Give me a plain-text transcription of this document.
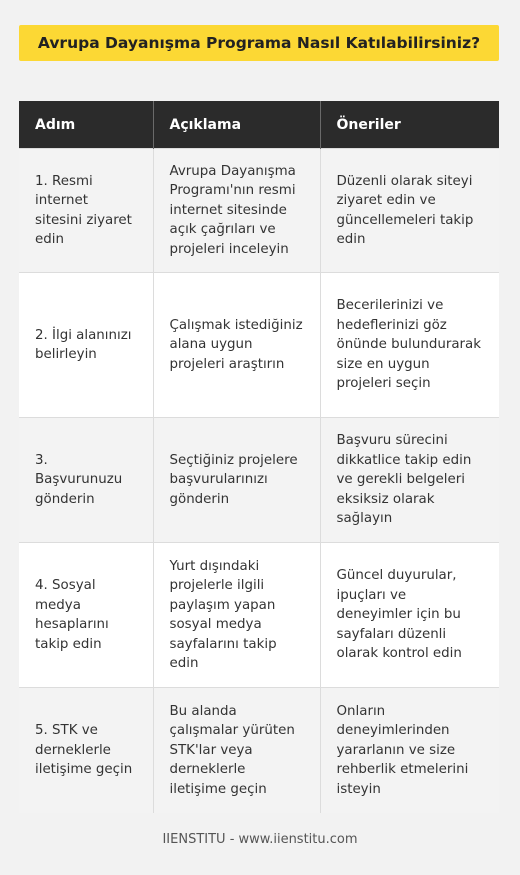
Avrupa Dayanışma Programa Nasıl Katılabilirsiniz?
Adım	Açıklama	Öneriler
1. Resmi internet sitesini ziyaret edin	Avrupa Dayanışma Programı'nın resmi internet sitesinde açık çağrıları ve projeleri inceleyin	Düzenli olarak siteyi ziyaret edin ve güncellemeleri takip edin
2. İlgi alanınızı belirleyin	Çalışmak istediğiniz alana uygun projeleri araştırın	Becerilerinizi ve hedeflerinizi göz önünde bulundurarak size en uygun projeleri seçin
3. Başvurunuzu gönderin	Seçtiğiniz projelere başvurularınızı gönderin	Başvuru sürecini dikkatlice takip edin ve gerekli belgeleri eksiksiz olarak sağlayın
4. Sosyal medya hesaplarını takip edin	Yurt dışındaki projelerle ilgili paylaşım yapan sosyal medya sayfalarını takip edin	Güncel duyurular, ipuçları ve deneyimler için bu sayfaları düzenli olarak kontrol edin
5. STK ve derneklerle iletişime geçin	Bu alanda çalışmalar yürüten STK'lar veya derneklerle iletişime geçin	Onların deneyimlerinden yararlanın ve size rehberlik etmelerini isteyin
IIENSTITU - www.iienstitu.com
